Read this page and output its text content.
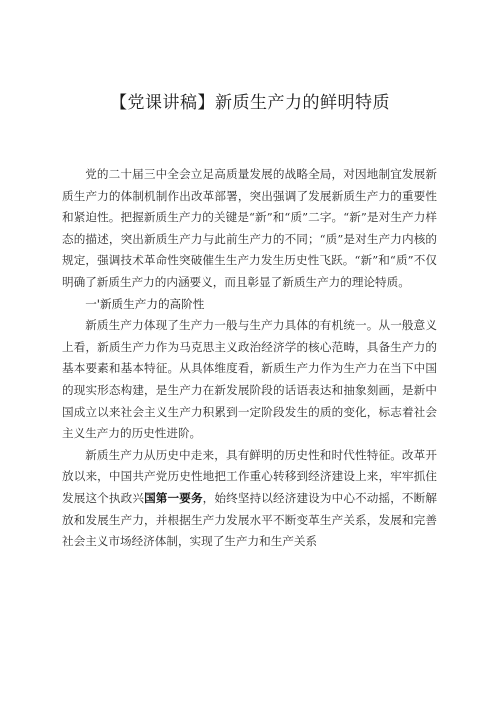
【党课讲稿】新质生产力的鲜明特质

党的二十届三中全会立足高质量发展的战略全局，对因地制宜发展新质生产力的体制机制作出改革部署，突出强调了发展新质生产力的重要性和紧迫性。把握新质生产力的关键是“新”和“质”二字。“新”是对生产力样态的描述，突出新质生产力与此前生产力的不同；“质”是对生产力内核的规定，强调技术革命性突破催生生产力发生历史性飞跃。“新”和“质”不仅明确了新质生产力的内涵要义，而且彰显了新质生产力的理论特质。

一'新质生产力的高阶性

新质生产力体现了生产力一般与生产力具体的有机统一。从一般意义上看，新质生产力作为马克思主义政治经济学的核心范畴，具备生产力的基本要素和基本特征。从具体维度看，新质生产力作为生产力在当下中国的现实形态构建，是生产力在新发展阶段的话语表达和抽象刻画，是新中国成立以来社会主义生产力积累到一定阶段发生的质的变化，标志着社会主义生产力的历史性进阶。

新质生产力从历史中走来，具有鲜明的历史性和时代性特征。改革开放以来，中国共产党历史性地把工作重心转移到经济建设上来，牢牢抓住发展这个执政兴国第一要务，始终坚持以经济建设为中心不动摇，不断解放和发展生产力，并根据生产力发展水平不断变革生产关系，发展和完善社会主义市场经济体制，实现了生产力和生产关系
